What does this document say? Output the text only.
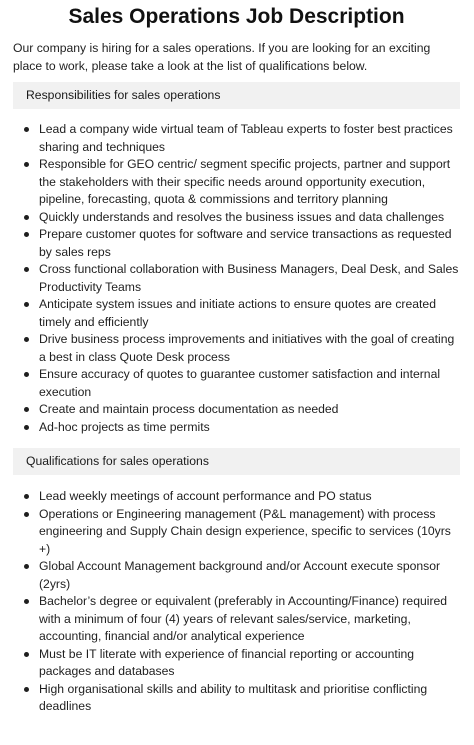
Sales Operations Job Description

Our company is hiring for a sales operations. If you are looking for an exciting place to work, please take a look at the list of qualifications below.

Responsibilities for sales operations
Lead a company wide virtual team of Tableau experts to foster best practices sharing and techniques
Responsible for GEO centric/ segment specific projects, partner and support the stakeholders with their specific needs around opportunity execution, pipeline, forecasting, quota & commissions and territory planning
Quickly understands and resolves the business issues and data challenges
Prepare customer quotes for software and service transactions as requested by sales reps
Cross functional collaboration with Business Managers, Deal Desk, and Sales Productivity Teams
Anticipate system issues and initiate actions to ensure quotes are created timely and efficiently
Drive business process improvements and initiatives with the goal of creating a best in class Quote Desk process
Ensure accuracy of quotes to guarantee customer satisfaction and internal execution
Create and maintain process documentation as needed
Ad-hoc projects as time permits
Qualifications for sales operations
Lead weekly meetings of account performance and PO status
Operations or Engineering management (P&L management) with process engineering and Supply Chain design experience, specific to services (10yrs +)
Global Account Management background and/or Account execute sponsor (2yrs)
Bachelor’s degree or equivalent (preferably in Accounting/Finance) required with a minimum of four (4) years of relevant sales/service, marketing, accounting, financial and/or analytical experience
Must be IT literate with experience of financial reporting or accounting packages and databases
High organisational skills and ability to multitask and prioritise conflicting deadlines
